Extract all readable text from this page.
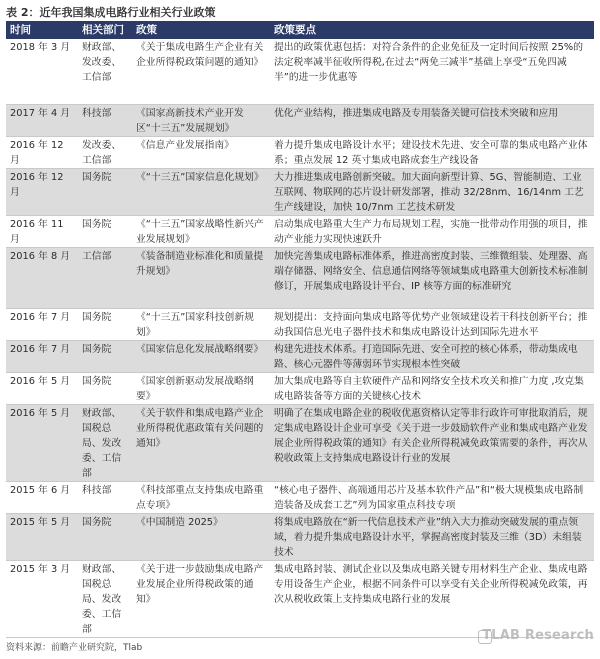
表 2：近年我国集成电路行业相关行业政策
时间	相关部门	政策	政策要点
2018 年 3 月	财政部、发改委、工信部	《关于集成电路生产企业有关企业所得税政策问题的通知》	提出的政策优惠包括：对符合条件的企业免征及一定时间后按照 25%的法定税率减半征收所得税,在过去“两免三减半”基础上享受“五免四减半”的进一步优惠等
2017 年 4 月	科技部	《国家高新技术产业开发区“十三五”发展规划》	优化产业结构，推进集成电路及专用装备关键可信技术突破和应用
2016 年 12 月	发改委、工信部	《信息产业发展指南》	着力提升集成电路设计水平；建设技术先进、安全可靠的集成电路产业体系；重点发展 12 英寸集成电路成套生产线设备
2016 年 12 月	国务院	《“十三五”国家信息化规划》	大力推进集成电路创新突破。加大面向新型计算、5G、智能制造、工业互联网、物联网的芯片设计研发部署，推动 32/28nm、16/14nm 工艺生产线建设，加快 10/7nm 工艺技术研发
2016 年 11 月	国务院	《“十三五”国家战略性新兴产业发展规划》	启动集成电路重大生产力布局规划工程，实施一批带动作用强的项目，推动产业能力实现快速跃升
2016 年 8 月	工信部	《装备制造业标准化和质量提升规划》	加快完善集成电路标准体系，推进高密度封装、三维微组装、处理器、高端存储器、网络安全、信息通信网络等领域集成电路重大创新技术标准制修订，开展集成电路设计平台、IP 核等方面的标准研究
2016 年 7 月	国务院	《“十三五”国家科技创新规划》	规划提出：支持面向集成电路等优势产业领域建设若干科技创新平台；推动我国信息光电子器件技术和集成电路设计达到国际先进水平
2016 年 7 月	国务院	《国家信息化发展战略纲要》	构建先进技术体系。打造国际先进、安全可控的核心体系，带动集成电路、核心元器件等薄弱环节实现根本性突破
2016 年 5 月	国务院	《国家创新驱动发展战略纲要》	加大集成电路等自主软硬件产品和网络安全技术攻关和推广力度 ,攻克集成电路装备等方面的关键核心技术
2016 年 5 月	财政部、国税总局、发改委、工信部	《关于软件和集成电路产业企业所得税优惠政策有关问题的通知》	明确了在集成电路企业的税收优惠资格认定等非行政许可审批取消后，规定集成电路设计企业可享受《关于进一步鼓励软件产业和集成电路产业发展企业所得税政策的通知》有关企业所得税减免政策需要的条件，再次从税收政策上支持集成电路设计行业的发展
2015 年 6 月	科技部	《科技部重点支持集成电路重点专项》	“核心电子器件、高端通用芯片及基本软件产品”和“极大规模集成电路制造装备及成套工艺”列为国家重点科技专项
2015 年 5 月	国务院	《中国制造 2025》	将集成电路放在“新一代信息技术产业”纳入大力推动突破发展的重点领域，着力提升集成电路设计水平，掌握高密度封装及三维（3D）未组装技术
2015 年 3 月	财政部、国税总局、发改委、工信部	《关于进一步鼓励集成电路产业发展企业所得税政策的通知》	集成电路封装、测试企业以及集成电路关键专用材料生产企业、集成电路专用设备生产企业，根据不同条件可以享受有关企业所得税减免政策，再次从税收政策上支持集成电路行业的发展
资料来源：前瞻产业研究院，Tlab
TLAB Research
